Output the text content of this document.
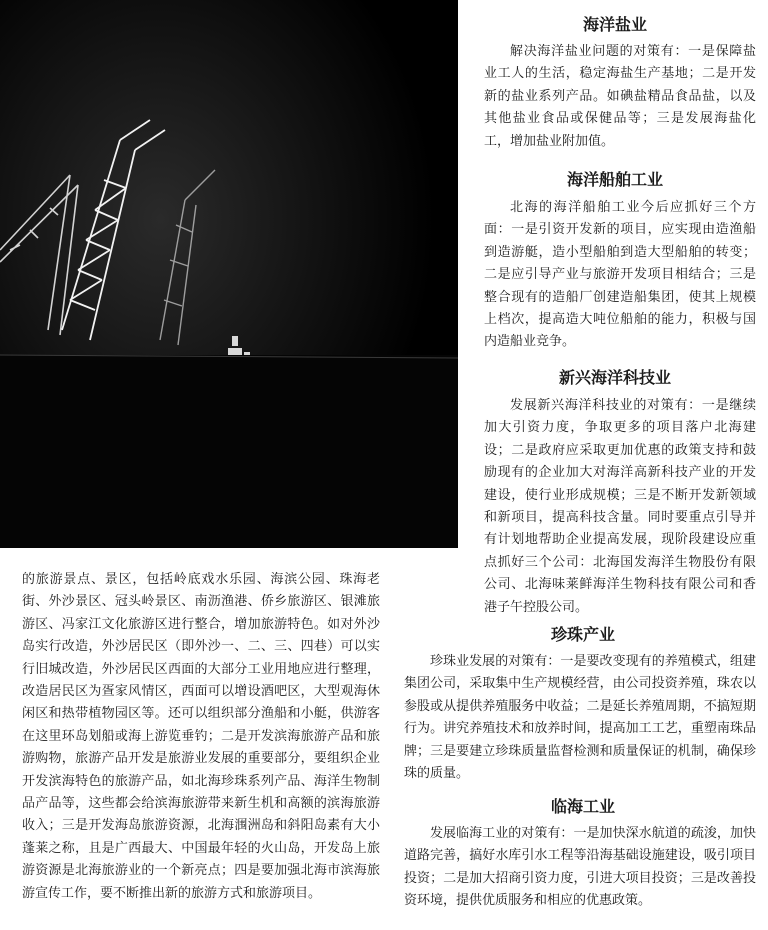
海洋盐业

解决海洋盐业问题的对策有：一是保障盐业工人的生活，稳定海盐生产基地；二是开发新的盐业系列产品。如碘盐精品食品盐，以及其他盐业食品或保健品等；三是发展海盐化工，增加盐业附加值。

海洋船舶工业

北海的海洋船舶工业今后应抓好三个方面：一是引资开发新的项目，应实现由造渔船到造游艇，造小型船舶到造大型船舶的转变；二是应引导产业与旅游开发项目相结合；三是整合现有的造船厂创建造船集团，使其上规模上档次，提高造大吨位船舶的能力，积极与国内造船业竞争。

新兴海洋科技业

发展新兴海洋科技业的对策有：一是继续加大引资力度，争取更多的项目落户北海建设；二是政府应采取更加优惠的政策支持和鼓励现有的企业加大对海洋高新科技产业的开发建设，使行业形成规模；三是不断开发新领域和新项目，提高科技含量。同时要重点引导并有计划地帮助企业提高发展，现阶段建设应重点抓好三个公司：北海国发海洋生物股份有限公司、北海味莱鲜海洋生物科技有限公司和香港子午控股公司。

珍珠产业

珍珠业发展的对策有：一是要改变现有的养殖模式，组建集团公司，采取集中生产规模经营，由公司投资养殖，珠农以参股或从提供养殖服务中收益；二是延长养殖周期，不搞短期行为。讲究养殖技术和放养时间，提高加工工艺，重塑南珠品牌；三是要建立珍珠质量监督检测和质量保证的机制，确保珍珠的质量。

临海工业

发展临海工业的对策有：一是加快深水航道的疏浚，加快道路完善，搞好水库引水工程等沿海基础设施建设，吸引项目投资；二是加大招商引资力度，引进大项目投资；三是改善投资环境，提供优质服务和相应的优惠政策。

的旅游景点、景区，包括岭底戏水乐园、海滨公园、珠海老街、外沙景区、冠头岭景区、南沥渔港、侨乡旅游区、银滩旅游区、冯家江文化旅游区进行整合，增加旅游特色。如对外沙岛实行改造，外沙居民区（即外沙一、二、三、四巷）可以实行旧城改造，外沙居民区西面的大部分工业用地应进行整理，改造居民区为疍家风情区，西面可以增设酒吧区，大型观海休闲区和热带植物园区等。还可以组织部分渔船和小艇，供游客在这里环岛划船或海上游览垂钓；二是开发滨海旅游产品和旅游购物，旅游产品开发是旅游业发展的重要部分，要组织企业开发滨海特色的旅游产品，如北海珍珠系列产品、海洋生物制品产品等，这些都会给滨海旅游带来新生机和高额的滨海旅游收入；三是开发海岛旅游资源，北海涠洲岛和斜阳岛素有大小蓬莱之称，且是广西最大、中国最年轻的火山岛，开发岛上旅游资源是北海旅游业的一个新亮点；四是要加强北海市滨海旅游宣传工作，要不断推出新的旅游方式和旅游项目。
